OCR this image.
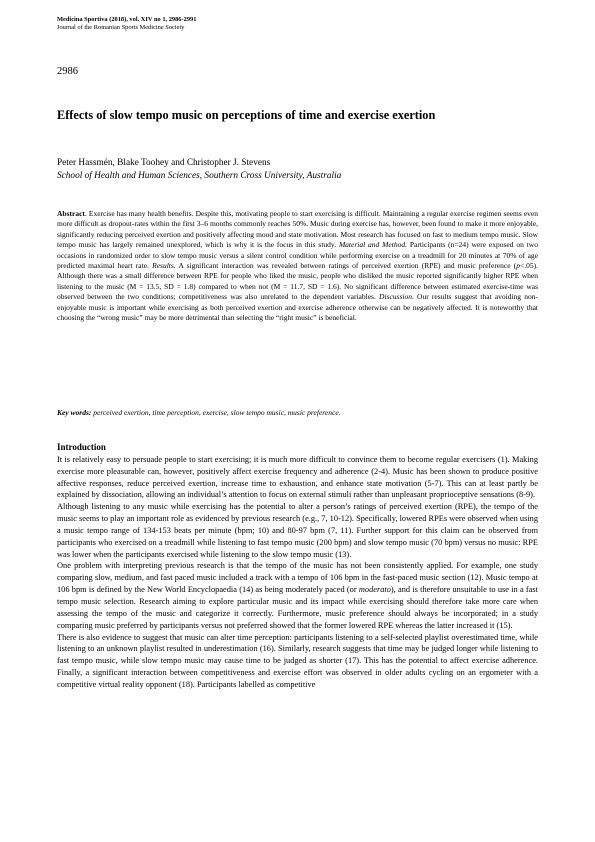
Medicina Sportiva (2018), vol. XIV no 1, 2986-2991
Journal of the Romanian Sports Medicine Society
2986
Effects of slow tempo music on perceptions of time and exercise exertion
Peter Hassmén, Blake Toohey and Christopher J. Stevens
School of Health and Human Sciences, Southern Cross University, Australia
Abstract. Exercise has many health benefits. Despite this, motivating people to start exercising is difficult. Maintaining a regular exercise regimen seems even more difficult as dropout-rates within the first 3–6 months commonly reaches 50%. Music during exercise has, however, been found to make it more enjoyable, significantly reducing perceived exertion and positively affecting mood and state motivation. Most research has focused on fast to medium tempo music. Slow tempo music has largely remained unexplored, which is why it is the focus in this study. Material and Method. Participants (n=24) were exposed on two occasions in randomized order to slow tempo music versus a silent control condition while performing exercise on a treadmill for 20 minutes at 70% of age predicted maximal heart rate. Results. A significant interaction was revealed between ratings of perceived exertion (RPE) and music preference (p<.05). Although there was a small difference between RPE for people who liked the music, people who disliked the music reported significantly higher RPE when listening to the music (M = 13.5, SD = 1.8) compared to when not (M = 11.7, SD = 1.6). No significant difference between estimated exercise-time was observed between the two conditions; competitiveness was also unrelated to the dependent variables. Discussion. Our results suggest that avoiding non-enjoyable music is important while exercising as both perceived exertion and exercise adherence otherwise can be negatively affected. It is noteworthy that choosing the “wrong music” may be more detrimental than selecting the “right music” is beneficial.
Key words: perceived exertion, time perception, exercise, slow tempo music, music preference.
Introduction

It is relatively easy to persuade people to start exercising; it is much more difficult to convince them to become regular exercisers (1). Making exercise more pleasurable can, however, positively affect exercise frequency and adherence (2-4). Music has been shown to produce positive affective responses, reduce perceived exertion, increase time to exhaustion, and enhance state motivation (5-7). This can at least partly be explained by dissociation, allowing an individual’s attention to focus on external stimuli rather than unpleasant proprioceptive sensations (8-9).

Although listening to any music while exercising has the potential to alter a person’s ratings of perceived exertion (RPE), the tempo of the music seems to play an important role as evidenced by previous research (e.g., 7, 10-12). Specifically, lowered RPEs were observed when using a music tempo range of 134-153 beats per minute (bpm; 10) and 80-97 bpm (7, 11). Further support for this claim can be observed from participants who exercised on a treadmill while listening to fast tempo music (200 bpm) and slow tempo music (70 bpm) versus no music: RPE was lower when the participants exercised while listening to the slow tempo music (13).

One problem with interpreting previous research is that the tempo of the music has not been consistently applied. For example, one study comparing slow, medium, and fast paced music included a track with a tempo of 106 bpm in the fast-paced music section (12). Music tempo at 106 bpm is defined by the New World Encyclopaedia (14) as being moderately paced (or moderato), and is therefore unsuitable to use in a fast tempo music selection. Research aiming to explore particular music and its impact while exercising should therefore take more care when assessing the tempo of the music and categorize it correctly. Furthermore, music preference should always be incorporated; in a study comparing music preferred by participants versus not preferred showed that the former lowered RPE whereas the latter increased it (15).

There is also evidence to suggest that music can alter time perception: participants listening to a self-selected playlist overestimated time, while listening to an unknown playlist resulted in underestimation (16). Similarly, research suggests that time may be judged longer while listening to fast tempo music, while slow tempo music may cause time to be judged as shorter (17). This has the potential to affect exercise adherence. Finally, a significant interaction between competitiveness and exercise effort was observed in older adults cycling on an ergometer with a competitive virtual reality opponent (18). Participants labelled as competitive
